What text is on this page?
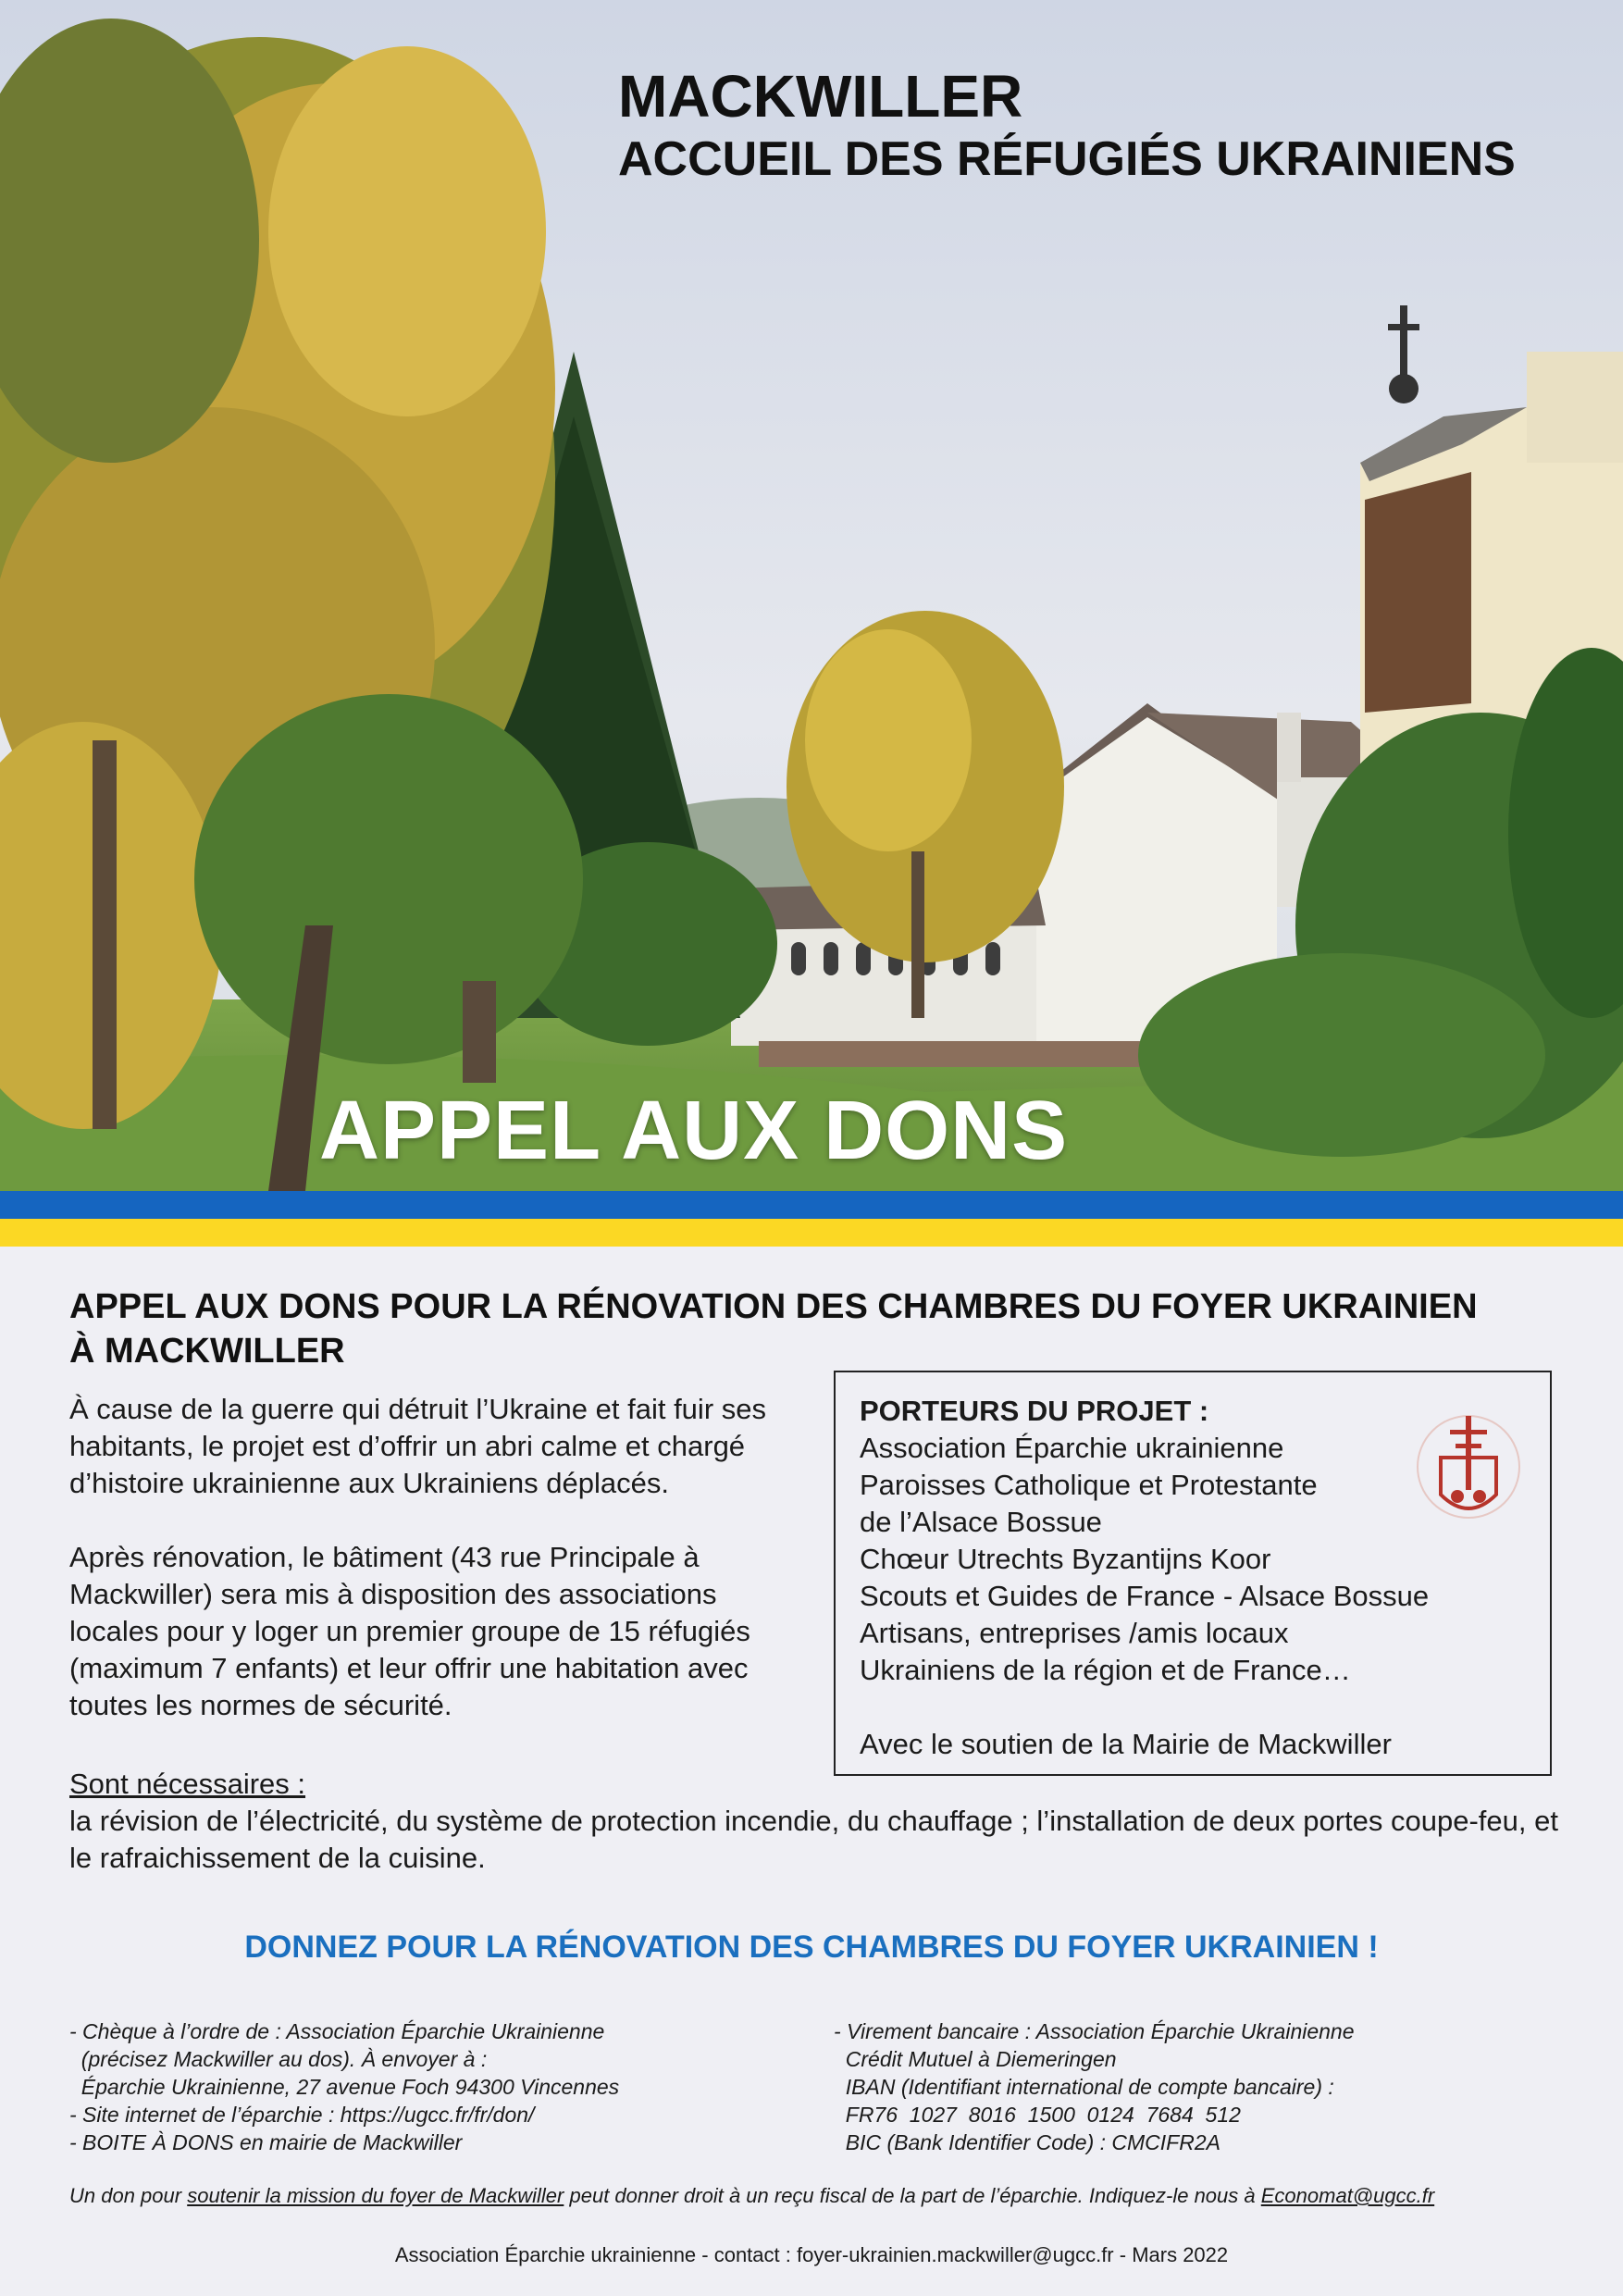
MACKWILLER
ACCUEIL DES RÉFUGIÉS UKRAINIENS
APPEL AUX DONS
APPEL AUX DONS POUR LA RÉNOVATION DES CHAMBRES DU FOYER UKRAINIEN
À MACKWILLER

À cause de la guerre qui détruit l’Ukraine et fait fuir ses habitants, le projet est d’offrir un abri calme et chargé d’histoire ukrainienne aux Ukrainiens déplacés.

Après rénovation, le bâtiment (43 rue Principale à Mackwiller) sera mis à disposition des associations locales pour y loger un premier groupe de 15 réfugiés (maximum 7 enfants) et leur offrir une habitation avec toutes les normes de sécurité.

Sont nécessaires :
la révision de l’électricité, du système de protection incendie, du chauffage ; l’installation de deux portes coupe-feu, et le rafraichissement de la cuisine.
PORTEURS DU PROJET :
Association Éparchie ukrainienne
Paroisses Catholique et Protestante
de l’Alsace Bossue
Chœur Utrechts Byzantijns Koor
Scouts et Guides de France - Alsace Bossue
Artisans, entreprises /amis locaux
Ukrainiens de la région et de France…
Avec le soutien de la Mairie de Mackwiller
DONNEZ POUR LA RÉNOVATION DES CHAMBRES DU FOYER UKRAINIEN !
- Chèque à l’ordre de : Association Éparchie Ukrainienne
(précisez Mackwiller au dos). À envoyer à :
Éparchie Ukrainienne, 27 avenue Foch 94300 Vincennes
- Site internet de l’éparchie : https://ugcc.fr/fr/don/
- BOITE À DONS en mairie de Mackwiller
- Virement bancaire : Association Éparchie Ukrainienne
Crédit Mutuel à Diemeringen
IBAN (Identifiant international de compte bancaire) :
FR76  1027  8016  1500  0124  7684  512
BIC (Bank Identifier Code) : CMCIFR2A
Un don pour soutenir la mission du foyer de Mackwiller peut donner droit à un reçu fiscal de la part de l’éparchie. Indiquez-le nous à Economat@ugcc.fr
Association Éparchie ukrainienne - contact : foyer-ukrainien.mackwiller@ugcc.fr - Mars 2022
